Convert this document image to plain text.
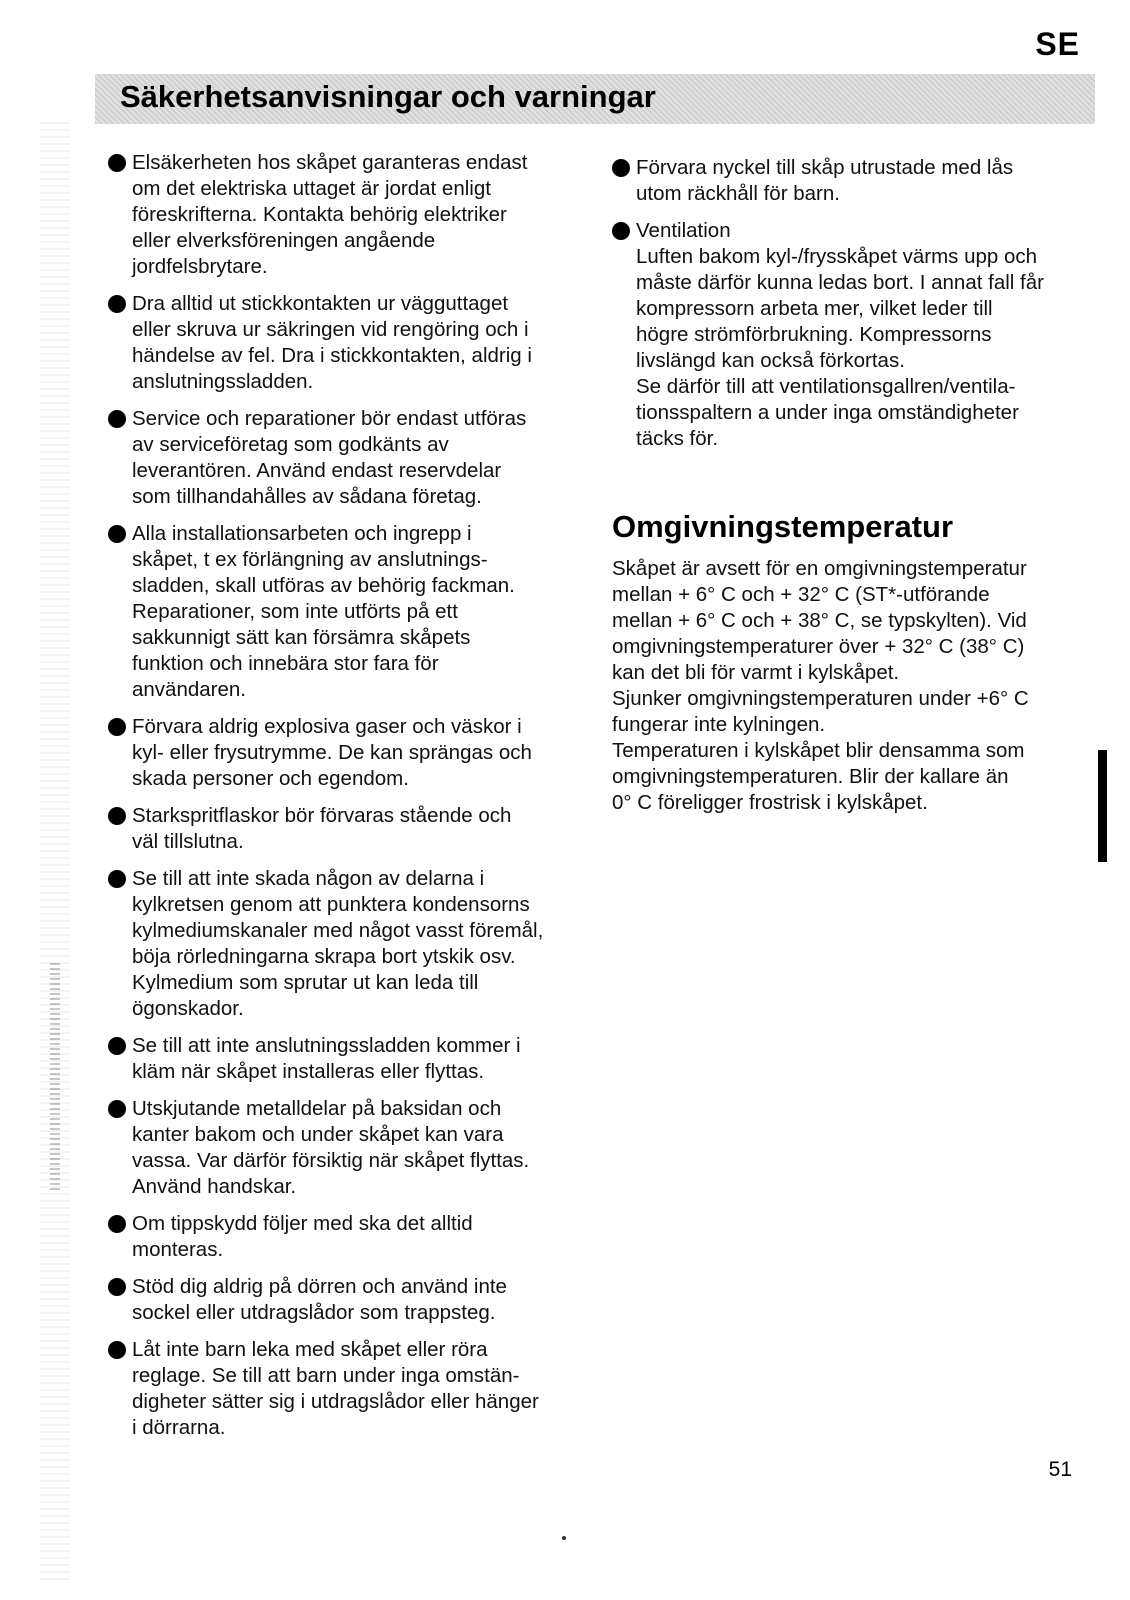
SE
Säkerhetsanvisningar och varningar
Elsäkerheten hos skåpet garanteras endast
om det elektriska uttaget är jordat enligt
föreskrifterna. Kontakta behörig elektriker
eller elverksföreningen angående
jordfelsbrytare.
Dra alltid ut stickkontakten ur vägguttaget
eller skruva ur säkringen vid rengöring och i
händelse av fel. Dra i stickkontakten, aldrig i
anslutningssladden.
Service och reparationer bör endast utföras
av serviceföretag som godkänts av
leverantören. Använd endast reservdelar
som tillhandahålles av sådana företag.
Alla installationsarbeten och ingrepp i
skåpet, t ex förlängning av anslutnings-
sladden, skall utföras av behörig fackman.
Reparationer, som inte utförts på ett
sakkunnigt sätt kan försämra skåpets
funktion och innebära stor fara för
användaren.
Förvara aldrig explosiva gaser och väskor i
kyl- eller frysutrymme. De kan sprängas och
skada personer och egendom.
Starkspritflaskor bör förvaras stående och
väl tillslutna.
Se till att inte skada någon av delarna i
kylkretsen genom att punktera kondensorns
kylmediumskanaler med något vasst föremål,
böja rörledningarna skrapa bort ytskik osv.
Kylmedium som sprutar ut kan leda till
ögonskador.
Se till att inte anslutningssladden kommer i
kläm när skåpet installeras eller flyttas.
Utskjutande metalldelar på baksidan och
kanter bakom och under skåpet kan vara
vassa. Var därför försiktig när skåpet flyttas.
Använd handskar.
Om tippskydd följer med ska det alltid
monteras.
Stöd dig aldrig på dörren och använd inte
sockel eller utdragslådor som trappsteg.
Låt inte barn leka med skåpet eller röra
reglage. Se till att barn under inga omstän-
digheter sätter sig i utdragslådor eller hänger
i dörrarna.
Förvara nyckel till skåp utrustade med lås
utom räckhåll för barn.
Ventilation
Luften bakom kyl-/frysskåpet värms upp och
måste därför kunna ledas bort. I annat fall får
kompressorn arbeta mer, vilket leder till
högre strömförbrukning. Kompressorns
livslängd kan också förkortas.
Se därför till att ventilationsgallren/ventila-
tionsspaltern a under inga omständigheter
täcks för.
Omgivningstemperatur
Skåpet är avsett för en omgivningstemperatur
mellan + 6° C och + 32° C (ST*-utförande
mellan + 6° C och + 38° C, se typskylten). Vid
omgivningstemperaturer över + 32° C (38° C)
kan det bli för varmt i kylskåpet.
Sjunker omgivningstemperaturen under +6° C
fungerar inte kylningen.
Temperaturen i kylskåpet blir densamma som
omgivningstemperaturen. Blir der kallare än
0° C föreligger frostrisk i kylskåpet.
51
